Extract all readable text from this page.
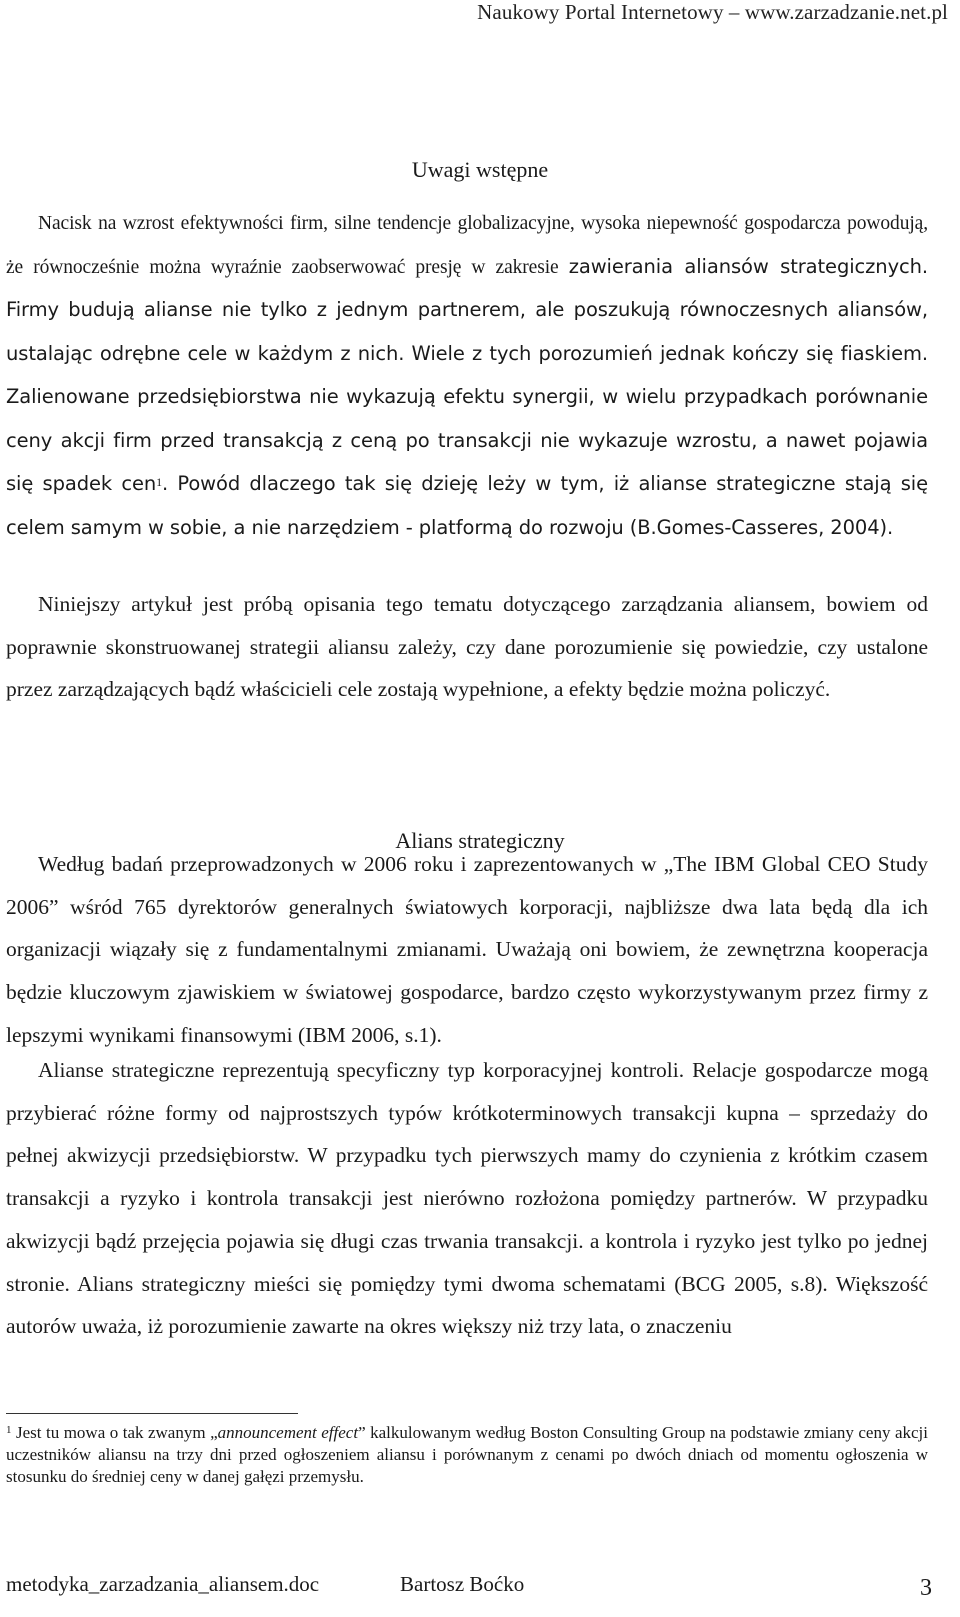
Naukowy Portal Internetowy – www.zarzadzanie.net.pl
Uwagi wstępne

Nacisk na wzrost efektywności firm, silne tendencje globalizacyjne, wysoka niepewność gospodarcza powodują, że równocześnie można wyraźnie zaobserwować presję w zakresie zawierania aliansów strategicznych. Firmy budują alianse nie tylko z jednym partnerem, ale poszukują równoczesnych aliansów, ustalając odrębne cele w każdym z nich. Wiele z tych porozumień jednak kończy się fiaskiem. Zalienowane przedsiębiorstwa nie wykazują efektu synergii, w wielu przypadkach porównanie ceny akcji firm przed transakcją z ceną po transakcji nie wykazuje wzrostu, a nawet pojawia się spadek cen$^1$. Powód dlaczego tak się dzieję leży w tym, iż alianse strategiczne stają się celem samym w sobie, a nie narzędziem - platformą do rozwoju (B.Gomes-Casseres, 2004).

Niniejszy artykuł jest próbą opisania tego tematu dotyczącego zarządzania aliansem, bowiem od poprawnie skonstruowanej strategii aliansu zależy, czy dane porozumienie się powiedzie, czy ustalone przez zarządzających bądź właścicieli cele zostają wypełnione, a efekty będzie można policzyć.

Alians strategiczny

Według badań przeprowadzonych w 2006 roku i zaprezentowanych w „The IBM Global CEO Study 2006” wśród 765 dyrektorów generalnych światowych korporacji, najbliższe dwa lata będą dla ich organizacji wiązały się z fundamentalnymi zmianami. Uważają oni bowiem, że zewnętrzna kooperacja będzie kluczowym zjawiskiem w światowej gospodarce, bardzo często wykorzystywanym przez firmy z lepszymi wynikami finansowymi (IBM 2006, s.1).

Alianse strategiczne reprezentują specyficzny typ korporacyjnej kontroli. Relacje gospodarcze mogą przybierać różne formy od najprostszych typów krótkoterminowych transakcji kupna – sprzedaży do pełnej akwizycji przedsiębiorstw. W przypadku tych pierwszych mamy do czynienia z krótkim czasem transakcji a ryzyko i kontrola transakcji jest nierówno rozłożona pomiędzy partnerów. W przypadku akwizycji bądź przejęcia pojawia się długi czas trwania transakcji. a kontrola i ryzyko jest tylko po jednej stronie. Alians strategiczny mieści się pomiędzy tymi dwoma schematami (BCG 2005, s.8). Większość autorów uważa, iż porozumienie zawarte na okres większy niż trzy lata, o znaczeniu

$^1$ Jest tu mowa o tak zwanym „announcement effect” kalkulowanym według Boston Consulting Group na podstawie zmiany ceny akcji uczestników aliansu na trzy dni przed ogłoszeniem aliansu i porównanym z cenami po dwóch dniach od momentu ogłoszenia w stosunku do średniej ceny w danej gałęzi przemysłu.

metodyka_zarzadzania_aliansem.doc	Bartosz Boćko	3
